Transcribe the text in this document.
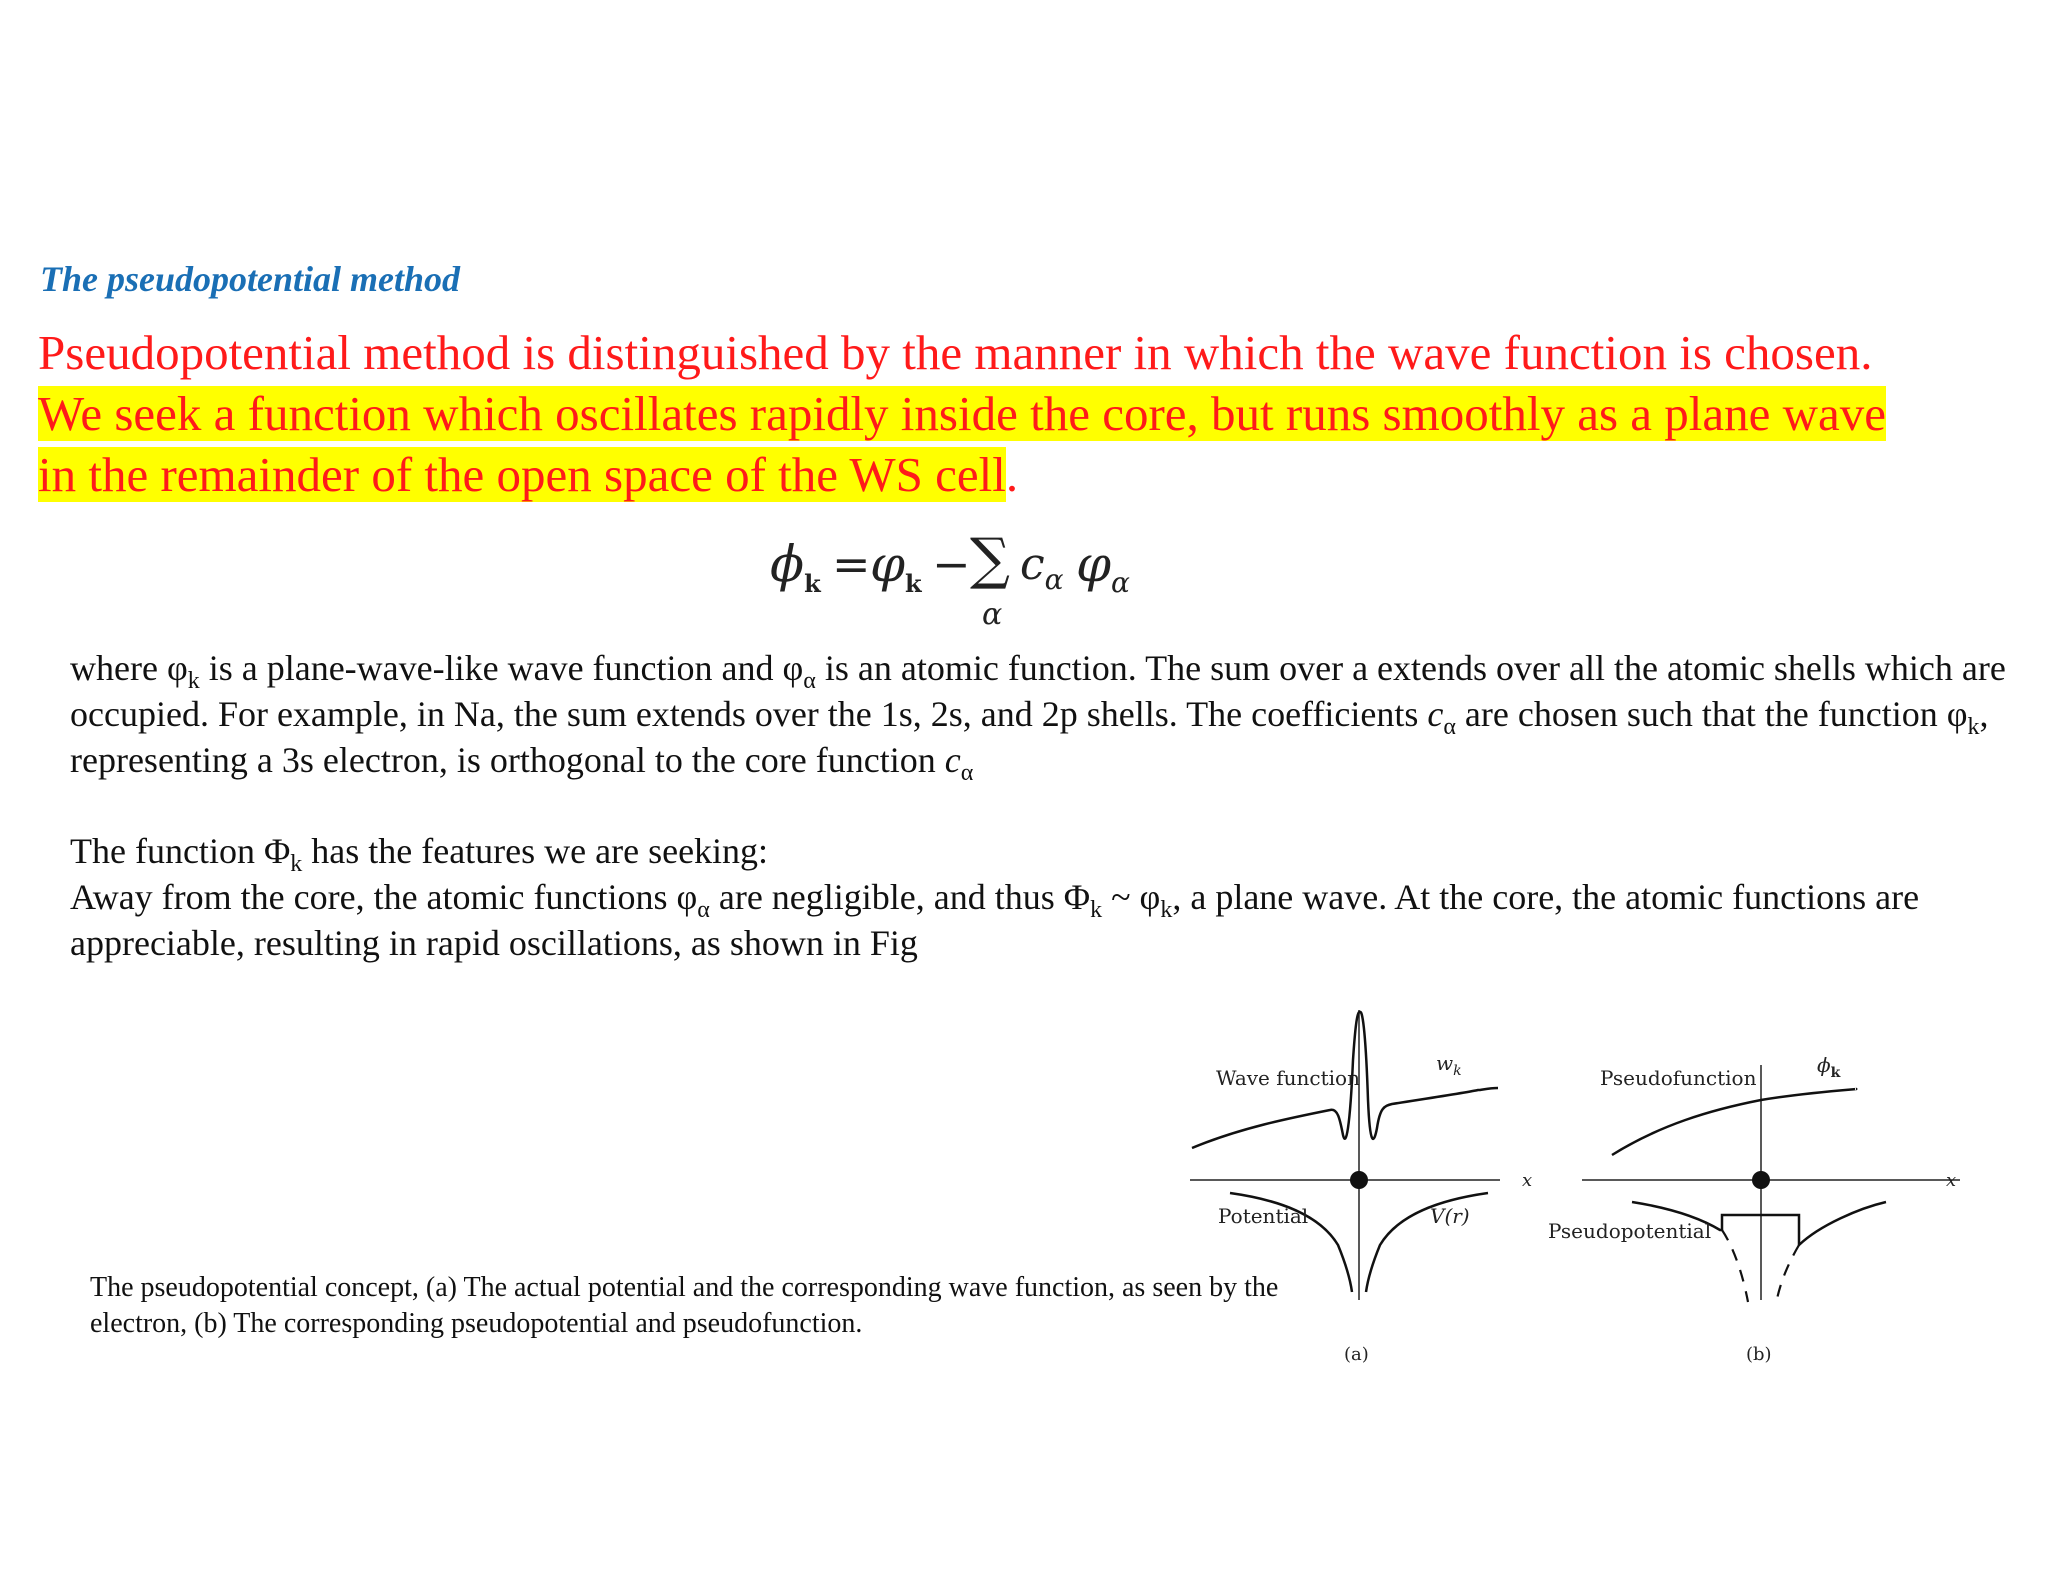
The pseudopotential method
Pseudopotential method is distinguished by the manner in which the wave function is chosen.
We seek a function which oscillates rapidly inside the core, but runs smoothly as a plane wave
in the remainder of the open space of the WS cell.
$\phi_k = \varphi_k$ − ∑
α
$c_\alpha$ $\varphi_\alpha$
where $\varphi_k$ is a plane-wave-like wave function and $\varphi_\alpha$ is an atomic function. The sum over a extends over all the atomic shells which are occupied. For example, in Na, the sum extends over the 1s, 2s, and 2p shells. The coefficients $c_\alpha$ are chosen such that the function $\varphi_k$, representing a 3s electron, is orthogonal to the core function $c_\alpha$
The function $\Phi_k$ has the features we are seeking:
Away from the core, the atomic functions $\varphi_\alpha$ are negligible, and thus $\Phi_k$ ~ $\varphi_k$, a plane wave. At the core, the atomic functions are appreciable, resulting in rapid oscillations, as shown in Fig
The pseudopotential concept, (a) The actual potential and the corresponding wave function, as seen by the electron, (b) The corresponding pseudopotential and pseudofunction.
Wave function
$w_k$
Potential	V(r)
x
(a)
Pseudofunction
$\phi_k$
Pseudopotential
x
(b)
